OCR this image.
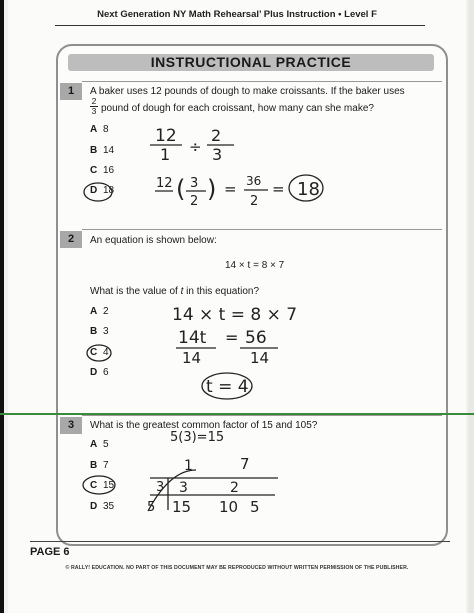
Next Generation NY Math Rehearsal’ Plus Instruction • Level F
INSTRUCTIONAL PRACTICE
1	A baker uses 12 pounds of dough to make croissants. If the baker uses
$\frac{2}{3}$ pound of dough for each croissant, how many can she make?
A 8
B 14
C 16
D 18
2	An equation is shown below:
14 × t = 8 × 7
What is the value of t in this equation?
A 2
B 3
C 4
D 6
3	What is the greatest common factor of 15 and 105?
A 5
B 7
C 15
D 35
12
1 ÷
2
3
12 ( 3
2 ) = 36
2
= 18
14 × t = 8 × 7
14t = 56
14	14
t = 4
5(3)=15
1	7
3 3	2
5 15 10 5
PAGE 6
© RALLY! EDUCATION. NO PART OF THIS DOCUMENT MAY BE REPRODUCED WITHOUT WRITTEN PERMISSION OF THE PUBLISHER.
